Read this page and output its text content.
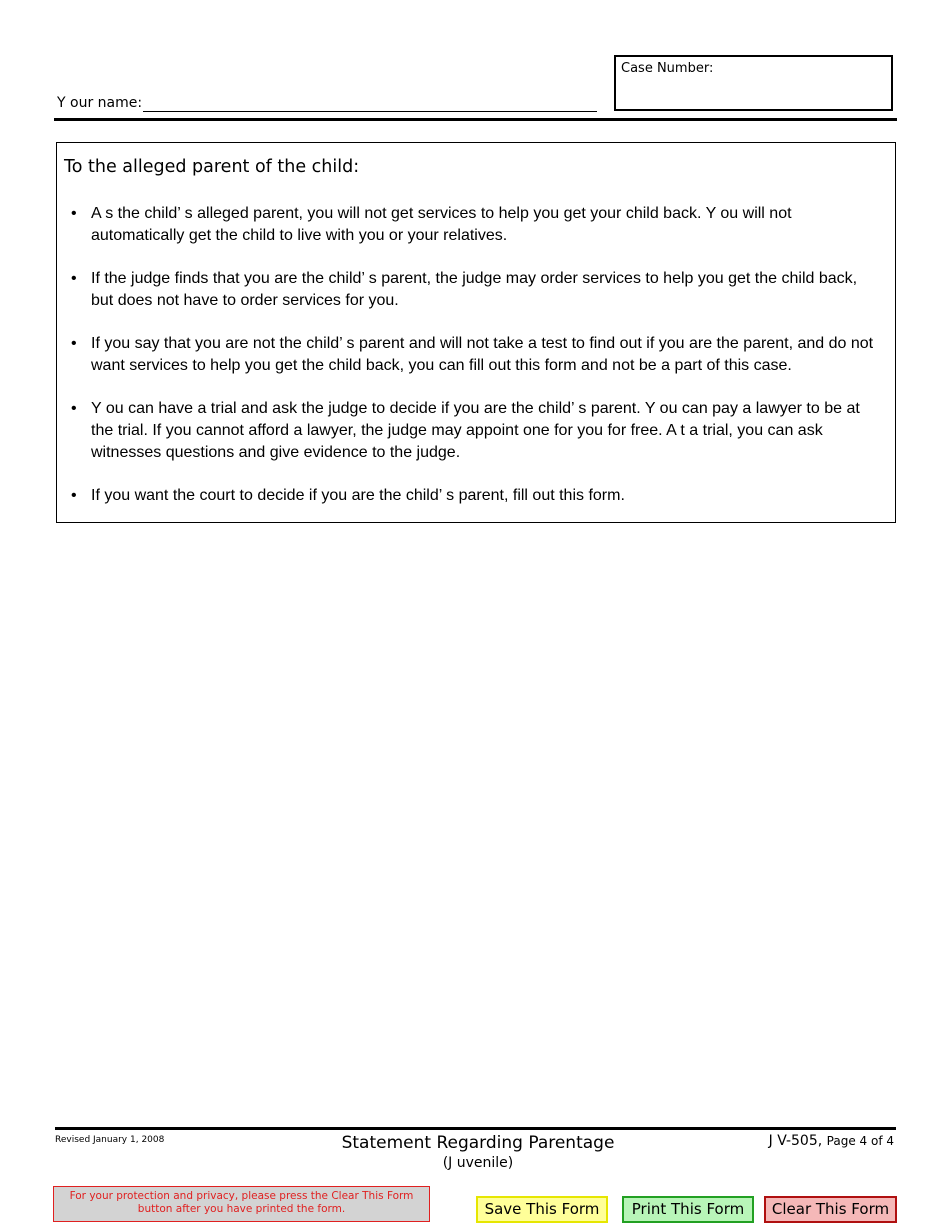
Y our name:
Case Number:
To the alleged parent of the child:
• A s the child’ s alleged parent, you will not get services to help you get your child back. Y ou will not automatically get the child to live with you or your relatives.
• If the judge finds that you are the child’ s parent, the judge may order services to help you get the child back, but does not have to order services for you.
• If you say that you are not the child’ s parent and will not take a test to find out if you are the parent, and do not want services to help you get the child back, you can fill out this form and not be a part of this case.
• Y ou can have a trial and ask the judge to decide if you are the child’ s parent. Y ou can pay a lawyer to be at the trial. If you cannot afford a lawyer, the judge may appoint one for you for free. A t a trial, you can ask witnesses questions and give evidence to the judge.
• If you want the court to decide if you are the child’ s parent, fill out this form.
Revised January 1, 2008	Statement Regarding Parentage
(J uvenile)
J V-505, Page 4 of 4
For your protection and privacy, please press the Clear This Form button after you have printed the form.	Save This Form	Print This Form	Clear This Form
